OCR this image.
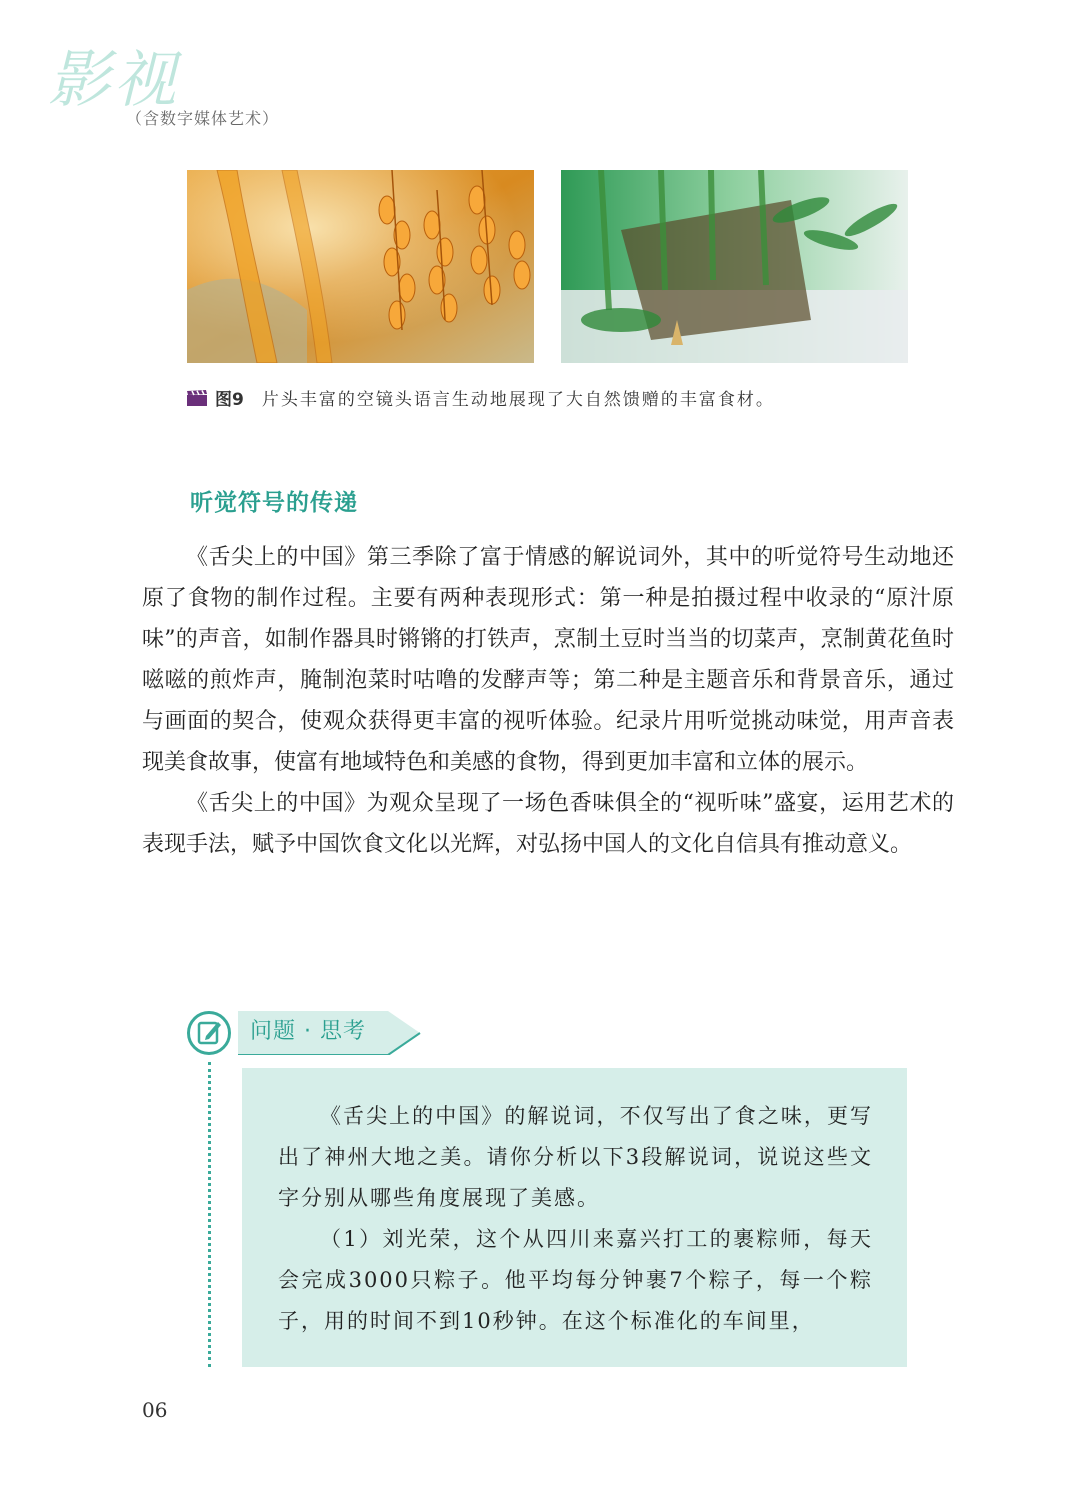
影视
（含数字媒体艺术）
图9 片头丰富的空镜头语言生动地展现了大自然馈赠的丰富食材。
听觉符号的传递

《舌尖上的中国》第三季除了富于情感的解说词外，其中的听觉符号生动地还原了食物的制作过程。主要有两种表现形式：第一种是拍摄过程中收录的“原汁原味”的声音，如制作器具时锵锵的打铁声，烹制土豆时当当的切菜声，烹制黄花鱼时嗞嗞的煎炸声，腌制泡菜时咕噜的发酵声等；第二种是主题音乐和背景音乐，通过与画面的契合，使观众获得更丰富的视听体验。纪录片用听觉挑动味觉，用声音表现美食故事，使富有地域特色和美感的食物，得到更加丰富和立体的展示。

《舌尖上的中国》为观众呈现了一场色香味俱全的“视听味”盛宴，运用艺术的表现手法，赋予中国饮食文化以光辉，对弘扬中国人的文化自信具有推动意义。

问题 · 思考

《舌尖上的中国》的解说词，不仅写出了食之味，更写出了神州大地之美。请你分析以下3段解说词，说说这些文字分别从哪些角度展现了美感。

（1）刘光荣，这个从四川来嘉兴打工的裹粽师，每天会完成3000只粽子。他平均每分钟裹7个粽子，每一个粽子，用的时间不到10秒钟。在这个标准化的车间里，

06
